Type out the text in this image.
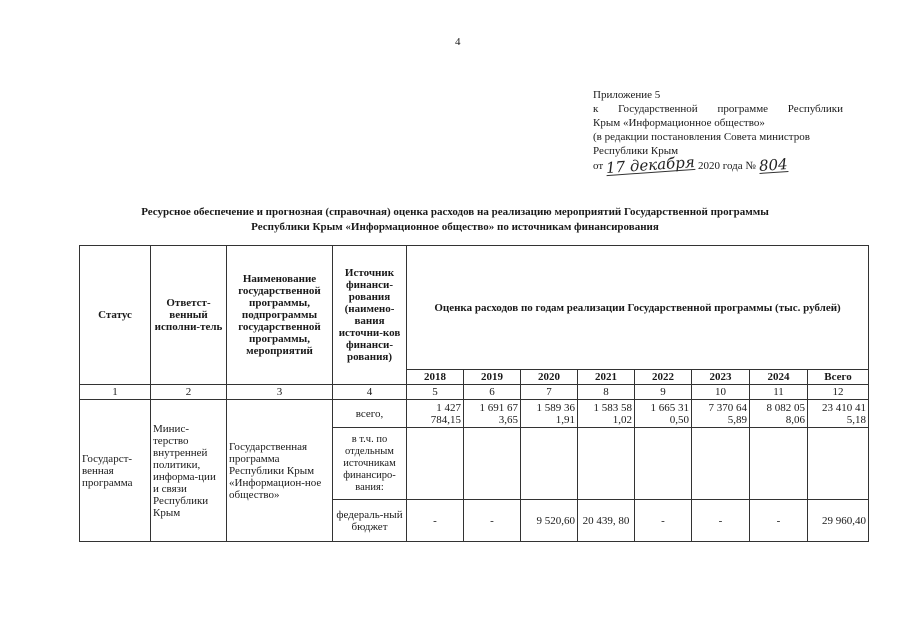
4
Приложение 5
к Государственной программе Республики
Крым «Информационное общество»
(в редакции постановления Совета министров
Республики Крым
от 17 декабря 2020 года № 804
Ресурсное обеспечение и прогнозная (справочная) оценка расходов на реализацию мероприятий Государственной программы
Республики Крым «Информационное общество» по источникам финансирования
Статус	Ответст-венный исполни-тель	Наименование государственной программы, подпрограммы государственной программы, мероприятий	Источник финанси-рования (наимено-вания источни-ков финанси-рования)	Оценка расходов по годам реализации Государственной программы (тыс. рублей)							
				2018	2019	2020	2021	2022	2023	2024	Всего
1	2	3	4	5	6	7	8	9	10	11	12
Государст-венная программа	Минис-терство внутренней политики, информа-ции и связи Республики Крым	Государственная программа Республики Крым «Информацион-ное общество»	всего,	1 427 784,15	1 691 67 3,65	1 589 36 1,91	1 583 58 1,02	1 665 31 0,50	7 370 64 5,89	8 082 05 8,06	23 410 41 5,18
			в т.ч. по отдельным источникам финансиро-вания:								
			федераль-ный бюджет	-	-	9 520,60	20 439, 80	-	-	-	29 960,40
